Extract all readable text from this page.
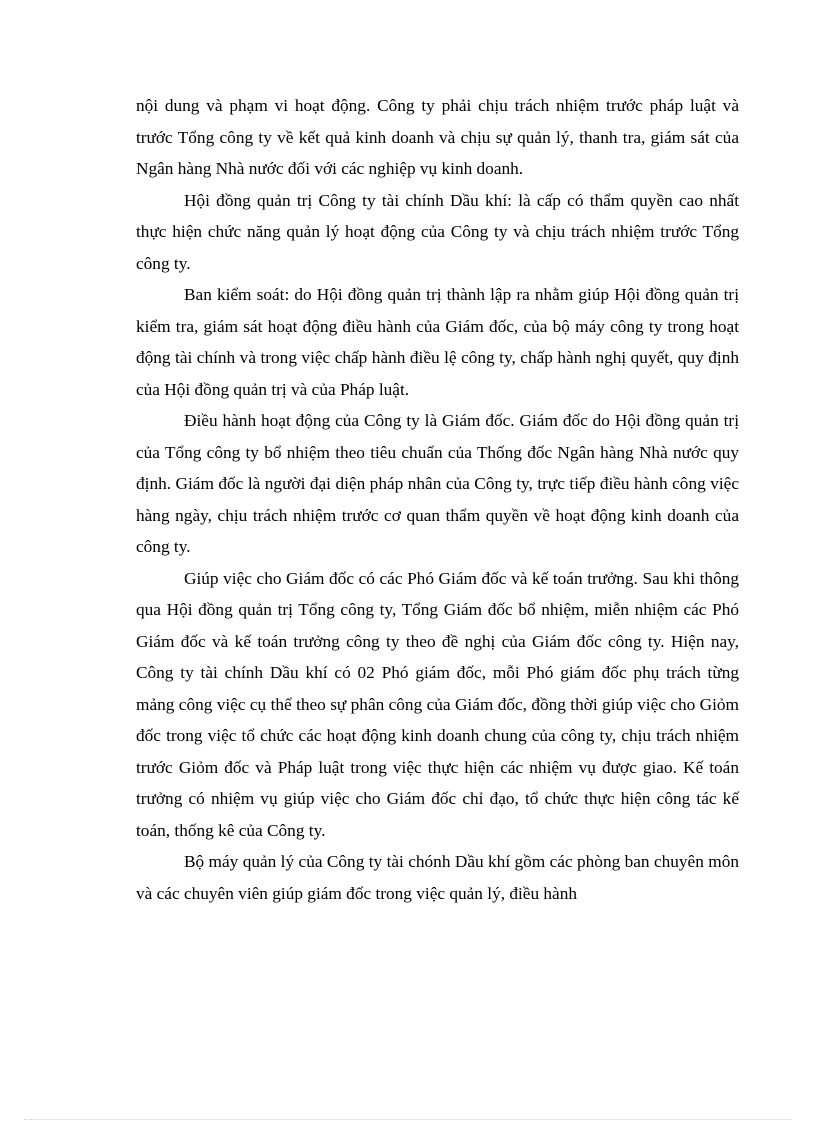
nội dung và phạm vi hoạt động. Công ty phải chịu trách nhiệm trước pháp luật và trước Tổng công ty về kết quả kinh doanh và chịu sự quản lý, thanh tra, giám sát của Ngân hàng Nhà nước đối với các nghiệp vụ kinh doanh.

Hội đồng quản trị Công ty tài chính Dầu khí: là cấp có thẩm quyền cao nhất thực hiện chức năng quản lý hoạt động của Công ty và chịu trách nhiệm trước Tổng công ty.

Ban kiểm soát: do Hội đồng quản trị thành lập ra nhằm giúp Hội đồng quản trị kiểm tra, giám sát hoạt động điều hành của Giám đốc, của bộ máy công ty trong hoạt động tài chính và trong việc chấp hành điều lệ công ty, chấp hành nghị quyết, quy định của Hội đồng quản trị và của Pháp luật.

Điều hành hoạt động của Công ty là Giám đốc. Giám đốc do Hội đồng quản trị của Tổng công ty bổ nhiệm theo tiêu chuẩn của Thống đốc Ngân hàng Nhà nước quy định. Giám đốc là người đại diện pháp nhân của Công ty, trực tiếp điều hành công việc hàng ngày, chịu trách nhiệm trước cơ quan thẩm quyền về hoạt động kinh doanh của công ty.

Giúp việc cho Giám đốc có các Phó Giám đốc và kế toán trưởng. Sau khi thông qua Hội đồng quản trị Tổng công ty, Tổng Giám đốc bổ nhiệm, miễn nhiệm các Phó Giám đốc và kế toán trưởng công ty theo đề nghị của Giám đốc công ty. Hiện nay, Công ty tài chính Dầu khí có 02 Phó giám đốc, mỗi Phó giám đốc phụ trách từng mảng công việc cụ thể theo sự phân công của Giám đốc, đồng thời giúp việc cho Giỏm đốc trong việc tổ chức các hoạt động kinh doanh chung của công ty, chịu trách nhiệm trước Giỏm đốc và Pháp luật trong việc thực hiện các nhiệm vụ được giao. Kế toán trưởng có nhiệm vụ giúp việc cho Giám đốc chỉ đạo, tổ chức thực hiện công tác kế toán, thống kê của Công ty.

Bộ máy quản lý của Công ty tài chónh Dầu khí gồm các phòng ban chuyên môn và các chuyên viên giúp giám đốc trong việc quản lý, điều hành
